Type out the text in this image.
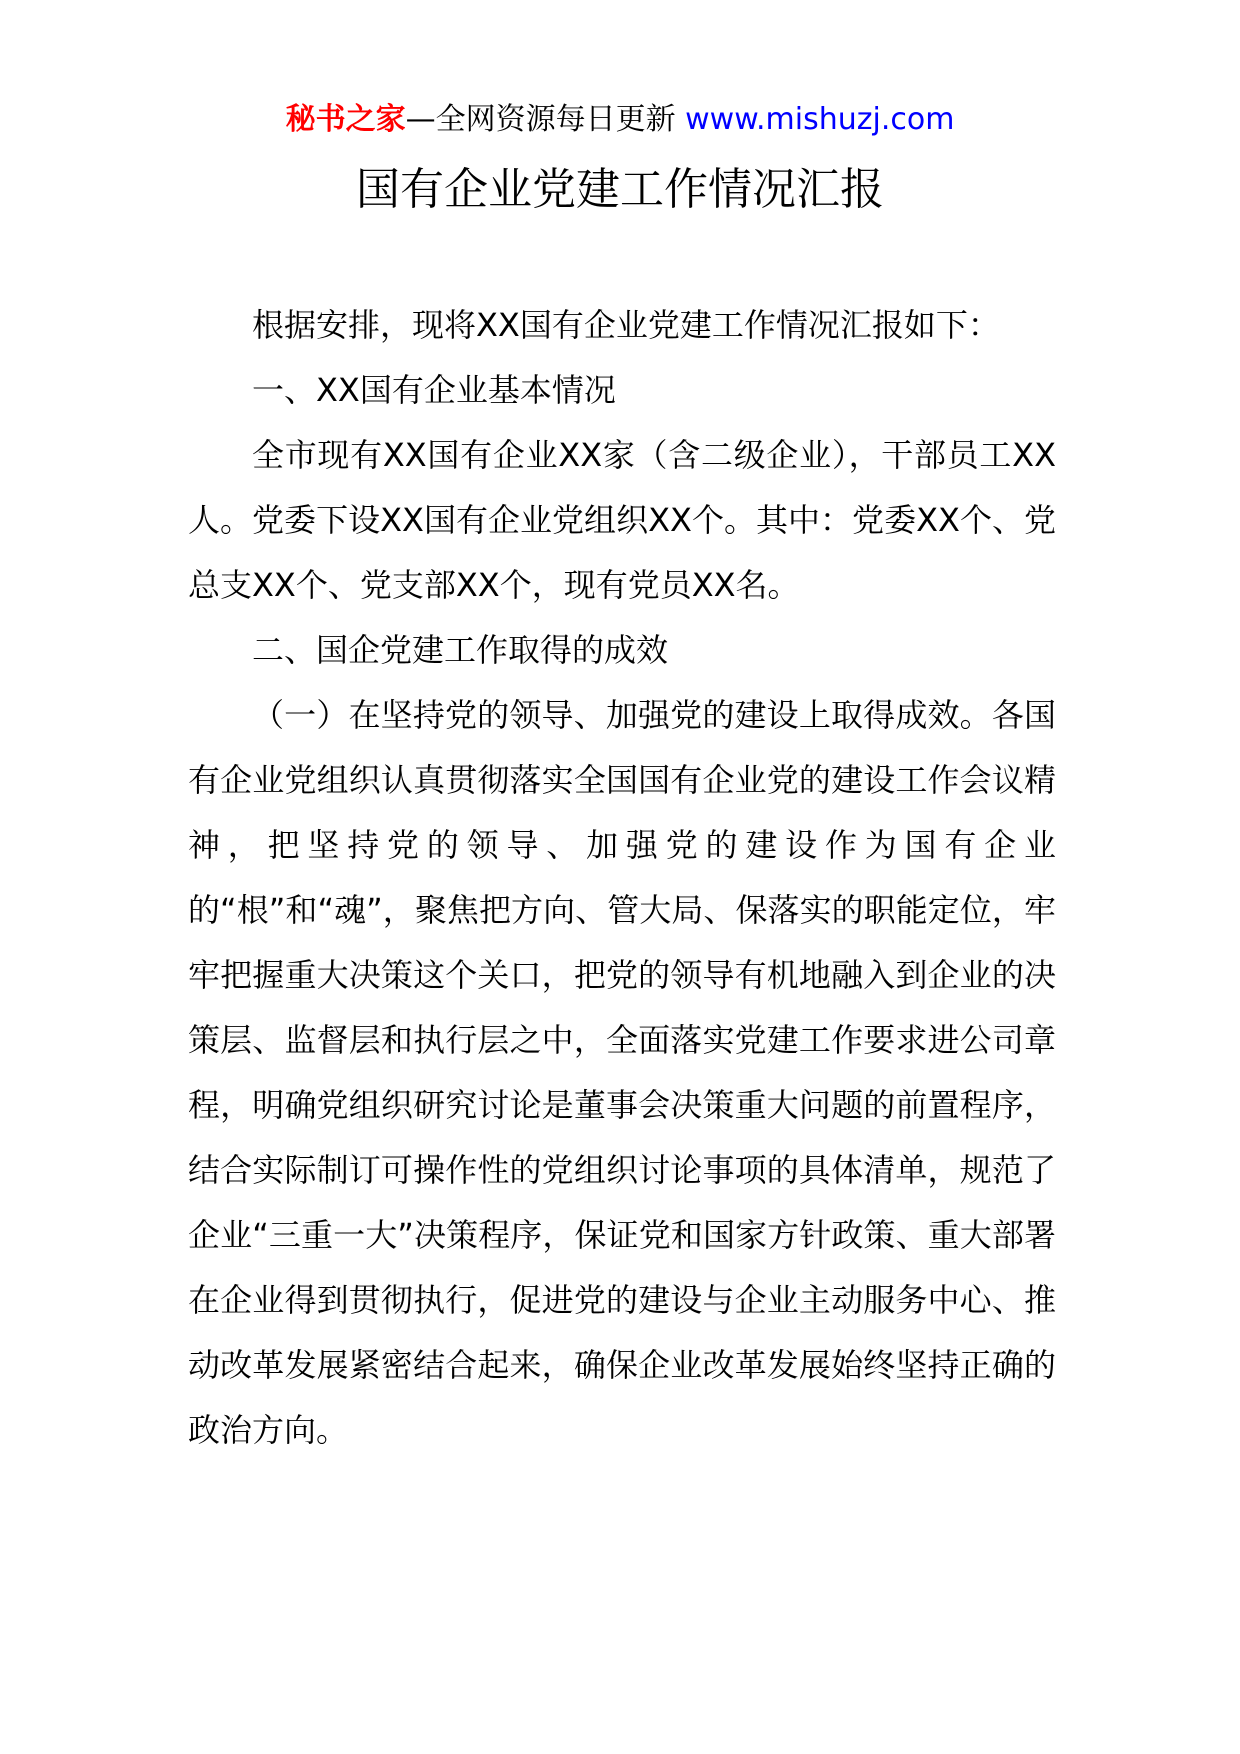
秘书之家—全网资源每日更新 www.mishuzj.com
国有企业党建工作情况汇报

根据安排，现将XX国有企业党建工作情况汇报如下：

一、XX国有企业基本情况

全市现有XX国有企业XX家（含二级企业），干部员工XX人。党委下设XX国有企业党组织XX个。其中：党委XX个、党总支XX个、党支部XX个，现有党员XX名。

二、国企党建工作取得的成效

（一）在坚持党的领导、加强党的建设上取得成效。各国有企业党组织认真贯彻落实全国国有企业党的建设工作会议精神，把坚持党的领导、加强党的建设作为国有企业的“根”和“魂”，聚焦把方向、管大局、保落实的职能定位，牢牢把握重大决策这个关口，把党的领导有机地融入到企业的决策层、监督层和执行层之中，全面落实党建工作要求进公司章程，明确党组织研究讨论是董事会决策重大问题的前置程序，结合实际制订可操作性的党组织讨论事项的具体清单，规范了企业“三重一大”决策程序，保证党和国家方针政策、重大部署在企业得到贯彻执行，促进党的建设与企业主动服务中心、推动改革发展紧密结合起来，确保企业改革发展始终坚持正确的政治方向。
